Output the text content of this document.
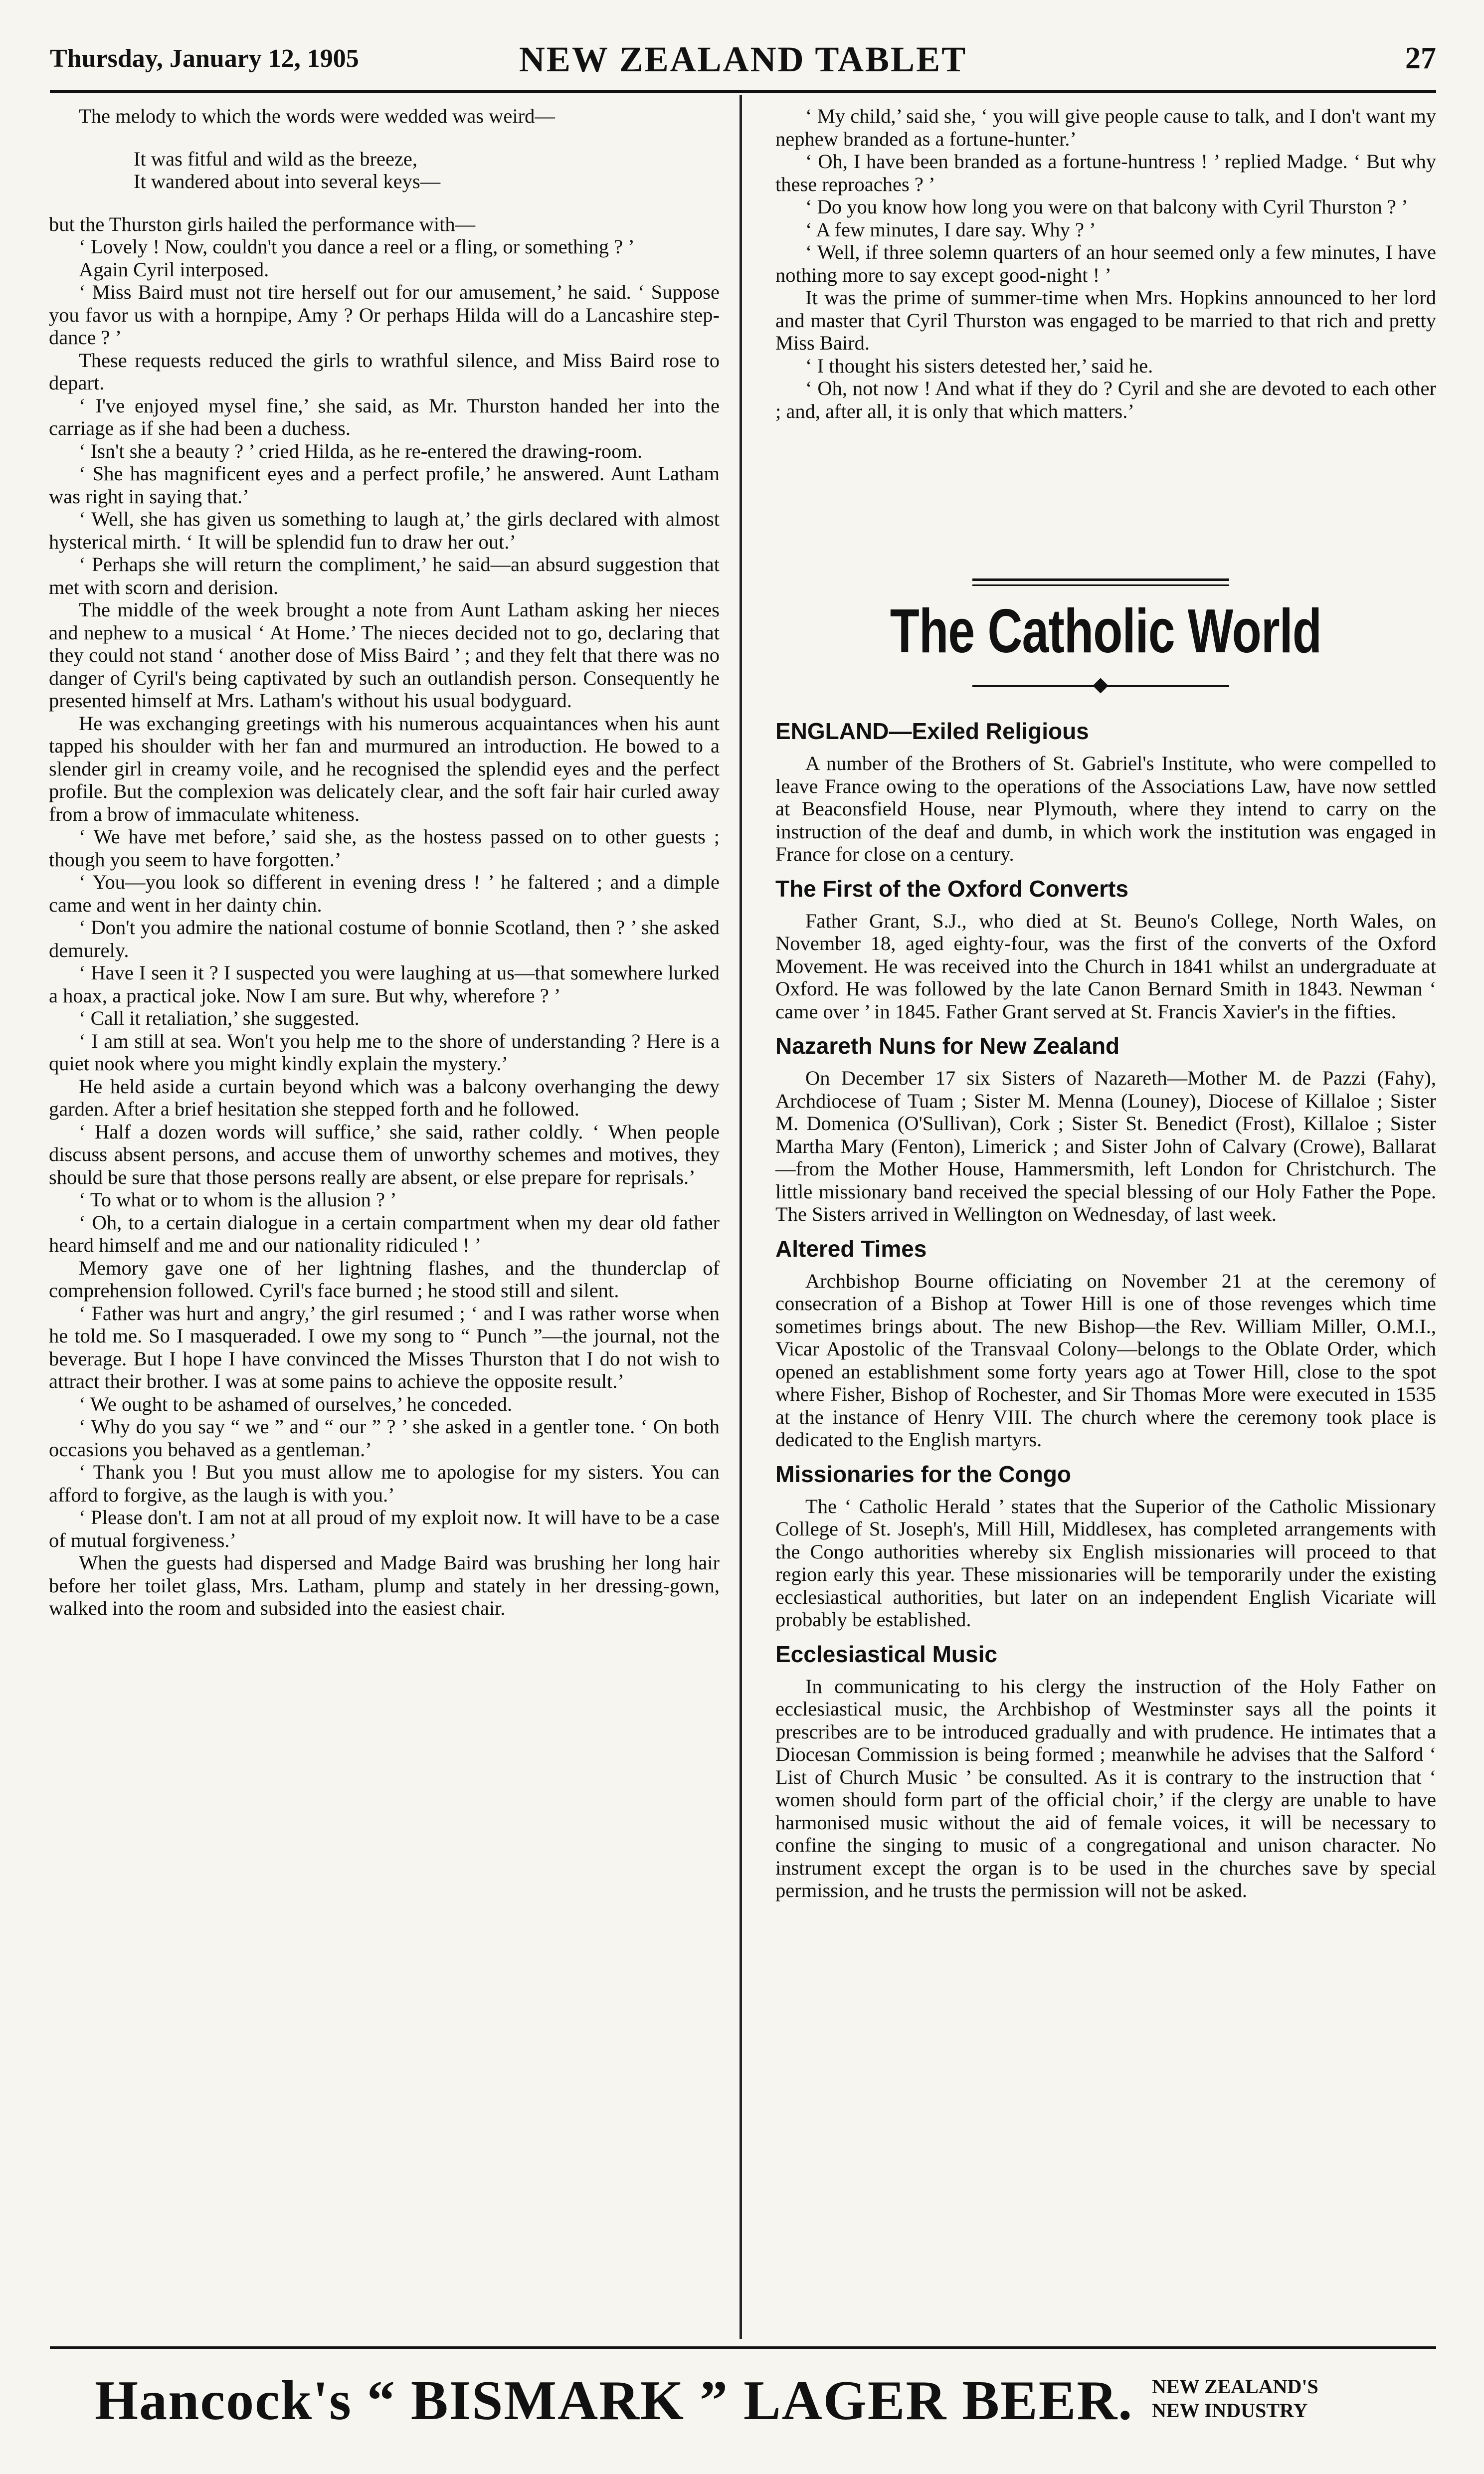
Thursday, January 12, 1905	NEW ZEALAND TABLET	27

The melody to which the words were wedded was weird—

It was fitful and wild as the breeze,
It wandered about into several keys—

but the Thurston girls hailed the performance with—

‘ Lovely ! Now, couldn't you dance a reel or a fling, or something ? ’

Again Cyril interposed.

‘ Miss Baird must not tire herself out for our amusement,’ he said. ‘ Suppose you favor us with a hornpipe, Amy ? Or perhaps Hilda will do a Lancashire step-dance ? ’

These requests reduced the girls to wrathful silence, and Miss Baird rose to depart.

‘ I've enjoyed mysel fine,’ she said, as Mr. Thurston handed her into the carriage as if she had been a duchess.

‘ Isn't she a beauty ? ’ cried Hilda, as he re-entered the drawing-room.

‘ She has magnificent eyes and a perfect profile,’ he answered. Aunt Latham was right in saying that.’

‘ Well, she has given us something to laugh at,’ the girls declared with almost hysterical mirth. ‘ It will be splendid fun to draw her out.’

‘ Perhaps she will return the compliment,’ he said—an absurd suggestion that met with scorn and derision.

The middle of the week brought a note from Aunt Latham asking her nieces and nephew to a musical ‘ At Home.’ The nieces decided not to go, declaring that they could not stand ‘ another dose of Miss Baird ’ ; and they felt that there was no danger of Cyril's being captivated by such an outlandish person. Consequently he presented himself at Mrs. Latham's without his usual bodyguard.

He was exchanging greetings with his numerous acquaintances when his aunt tapped his shoulder with her fan and murmured an introduction. He bowed to a slender girl in creamy voile, and he recognised the splendid eyes and the perfect profile. But the complexion was delicately clear, and the soft fair hair curled away from a brow of immaculate whiteness.

‘ We have met before,’ said she, as the hostess passed on to other guests ; though you seem to have forgotten.’

‘ You—you look so different in evening dress ! ’ he faltered ; and a dimple came and went in her dainty chin.

‘ Don't you admire the national costume of bonnie Scotland, then ? ’ she asked demurely.

‘ Have I seen it ? I suspected you were laughing at us—that somewhere lurked a hoax, a practical joke. Now I am sure. But why, wherefore ? ’

‘ Call it retaliation,’ she suggested.

‘ I am still at sea. Won't you help me to the shore of understanding ? Here is a quiet nook where you might kindly explain the mystery.’

He held aside a curtain beyond which was a balcony overhanging the dewy garden. After a brief hesitation she stepped forth and he followed.

‘ Half a dozen words will suffice,’ she said, rather coldly. ‘ When people discuss absent persons, and accuse them of unworthy schemes and motives, they should be sure that those persons really are absent, or else prepare for reprisals.’

‘ To what or to whom is the allusion ? ’

‘ Oh, to a certain dialogue in a certain compartment when my dear old father heard himself and me and our nationality ridiculed ! ’

Memory gave one of her lightning flashes, and the thunderclap of comprehension followed. Cyril's face burned ; he stood still and silent.

‘ Father was hurt and angry,’ the girl resumed ; ‘ and I was rather worse when he told me. So I masqueraded. I owe my song to “ Punch ”—the journal, not the beverage. But I hope I have convinced the Misses Thurston that I do not wish to attract their brother. I was at some pains to achieve the opposite result.’

‘ We ought to be ashamed of ourselves,’ he conceded.

‘ Why do you say “ we ” and “ our ” ? ’ she asked in a gentler tone. ‘ On both occasions you behaved as a gentleman.’

‘ Thank you ! But you must allow me to apologise for my sisters. You can afford to forgive, as the laugh is with you.’

‘ Please don't. I am not at all proud of my exploit now. It will have to be a case of mutual forgiveness.’

When the guests had dispersed and Madge Baird was brushing her long hair before her toilet glass, Mrs. Latham, plump and stately in her dressing-gown, walked into the room and subsided into the easiest chair.

‘ My child,’ said she, ‘ you will give people cause to talk, and I don't want my nephew branded as a fortune-hunter.’

‘ Oh, I have been branded as a fortune-huntress ! ’ replied Madge. ‘ But why these reproaches ? ’

‘ Do you know how long you were on that balcony with Cyril Thurston ? ’

‘ A few minutes, I dare say. Why ? ’

‘ Well, if three solemn quarters of an hour seemed only a few minutes, I have nothing more to say except good-night ! ’

It was the prime of summer-time when Mrs. Hopkins announced to her lord and master that Cyril Thurston was engaged to be married to that rich and pretty Miss Baird.

‘ I thought his sisters detested her,’ said he.

‘ Oh, not now ! And what if they do ? Cyril and she are devoted to each other ; and, after all, it is only that which matters.’

The Catholic World
ENGLAND—Exiled Religious

A number of the Brothers of St. Gabriel's Institute, who were compelled to leave France owing to the operations of the Associations Law, have now settled at Beaconsfield House, near Plymouth, where they intend to carry on the instruction of the deaf and dumb, in which work the institution was engaged in France for close on a century.

The First of the Oxford Converts

Father Grant, S.J., who died at St. Beuno's College, North Wales, on November 18, aged eighty-four, was the first of the converts of the Oxford Movement. He was received into the Church in 1841 whilst an undergraduate at Oxford. He was followed by the late Canon Bernard Smith in 1843. Newman ‘ came over ’ in 1845. Father Grant served at St. Francis Xavier's in the fifties.

Nazareth Nuns for New Zealand

On December 17 six Sisters of Nazareth—Mother M. de Pazzi (Fahy), Archdiocese of Tuam ; Sister M. Menna (Louney), Diocese of Killaloe ; Sister M. Domenica (O'Sullivan), Cork ; Sister St. Benedict (Frost), Killaloe ; Sister Martha Mary (Fenton), Limerick ; and Sister John of Calvary (Crowe), Ballarat—from the Mother House, Hammersmith, left London for Christchurch. The little missionary band received the special blessing of our Holy Father the Pope. The Sisters arrived in Wellington on Wednesday, of last week.

Altered Times

Archbishop Bourne officiating on November 21 at the ceremony of consecration of a Bishop at Tower Hill is one of those revenges which time sometimes brings about. The new Bishop—the Rev. William Miller, O.M.I., Vicar Apostolic of the Transvaal Colony—belongs to the Oblate Order, which opened an establishment some forty years ago at Tower Hill, close to the spot where Fisher, Bishop of Rochester, and Sir Thomas More were executed in 1535 at the instance of Henry VIII. The church where the ceremony took place is dedicated to the English martyrs.

Missionaries for the Congo

The ‘ Catholic Herald ’ states that the Superior of the Catholic Missionary College of St. Joseph's, Mill Hill, Middlesex, has completed arrangements with the Congo authorities whereby six English missionaries will proceed to that region early this year. These missionaries will be temporarily under the existing ecclesiastical authorities, but later on an independent English Vicariate will probably be established.

Ecclesiastical Music

In communicating to his clergy the instruction of the Holy Father on ecclesiastical music, the Archbishop of Westminster says all the points it prescribes are to be introduced gradually and with prudence. He intimates that a Diocesan Commission is being formed ; meanwhile he advises that the Salford ‘ List of Church Music ’ be consulted. As it is contrary to the instruction that ‘ women should form part of the official choir,’ if the clergy are unable to have harmonised music without the aid of female voices, it will be necessary to confine the singing to music of a congregational and unison character. No instrument except the organ is to be used in the churches save by special permission, and he trusts the permission will not be asked.

Hancock's “ BISMARK ” LAGER BEER. NEW ZEALAND'S
NEW INDUSTRY
